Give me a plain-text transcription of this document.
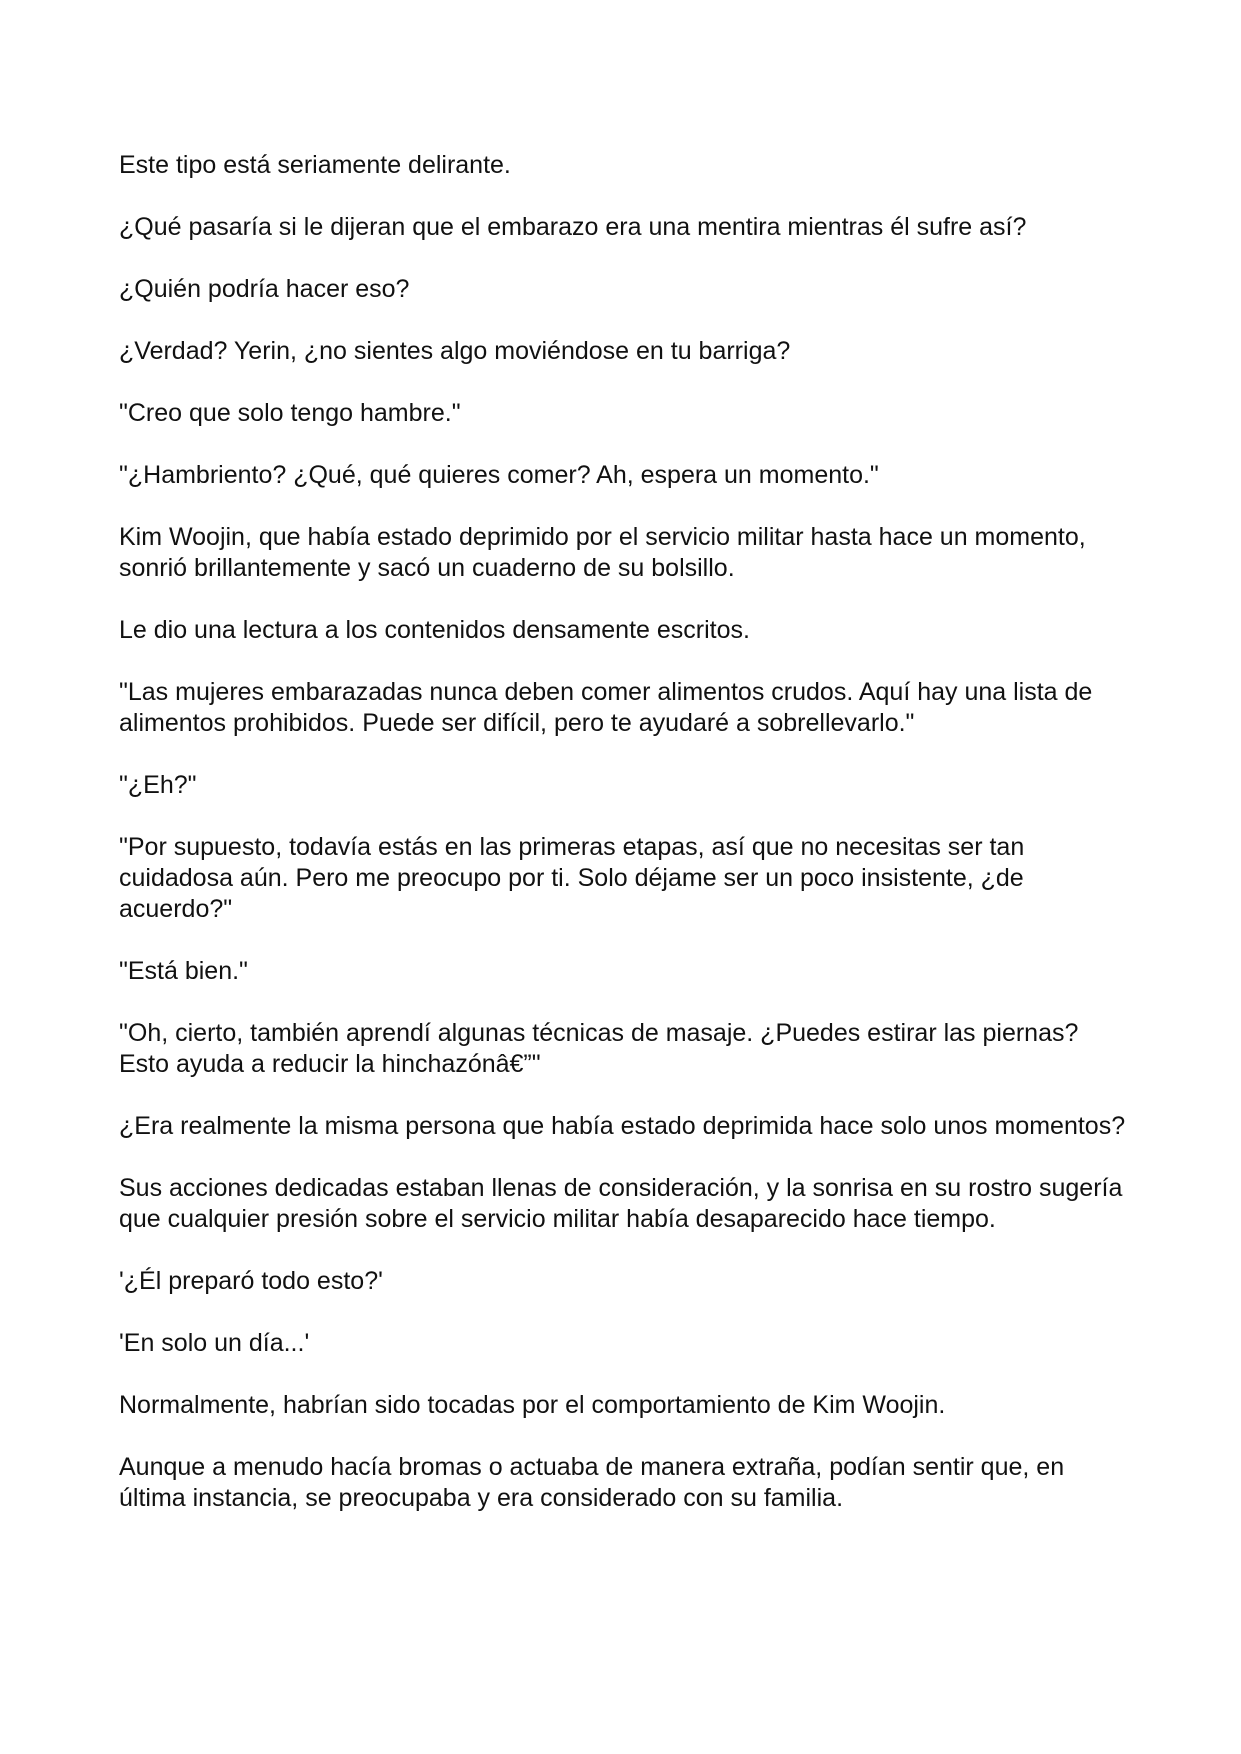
Este tipo está seriamente delirante.

¿Qué pasaría si le dijeran que el embarazo era una mentira mientras él sufre así?

¿Quién podría hacer eso?

¿Verdad? Yerin, ¿no sientes algo moviéndose en tu barriga?

"Creo que solo tengo hambre."

"¿Hambriento? ¿Qué, qué quieres comer? Ah, espera un momento."

Kim Woojin, que había estado deprimido por el servicio militar hasta hace un momento, sonrió brillantemente y sacó un cuaderno de su bolsillo.

Le dio una lectura a los contenidos densamente escritos.

"Las mujeres embarazadas nunca deben comer alimentos crudos. Aquí hay una lista de alimentos prohibidos. Puede ser difícil, pero te ayudaré a sobrellevarlo."

"¿Eh?"

"Por supuesto, todavía estás en las primeras etapas, así que no necesitas ser tan cuidadosa aún. Pero me preocupo por ti. Solo déjame ser un poco insistente, ¿de acuerdo?"

"Está bien."

"Oh, cierto, también aprendí algunas técnicas de masaje. ¿Puedes estirar las piernas? Esto ayuda a reducir la hinchazónâ€”"

¿Era realmente la misma persona que había estado deprimida hace solo unos momentos?

Sus acciones dedicadas estaban llenas de consideración, y la sonrisa en su rostro sugería que cualquier presión sobre el servicio militar había desaparecido hace tiempo.

'¿Él preparó todo esto?'

'En solo un día...'

Normalmente, habrían sido tocadas por el comportamiento de Kim Woojin.

Aunque a menudo hacía bromas o actuaba de manera extraña, podían sentir que, en última instancia, se preocupaba y era considerado con su familia.
